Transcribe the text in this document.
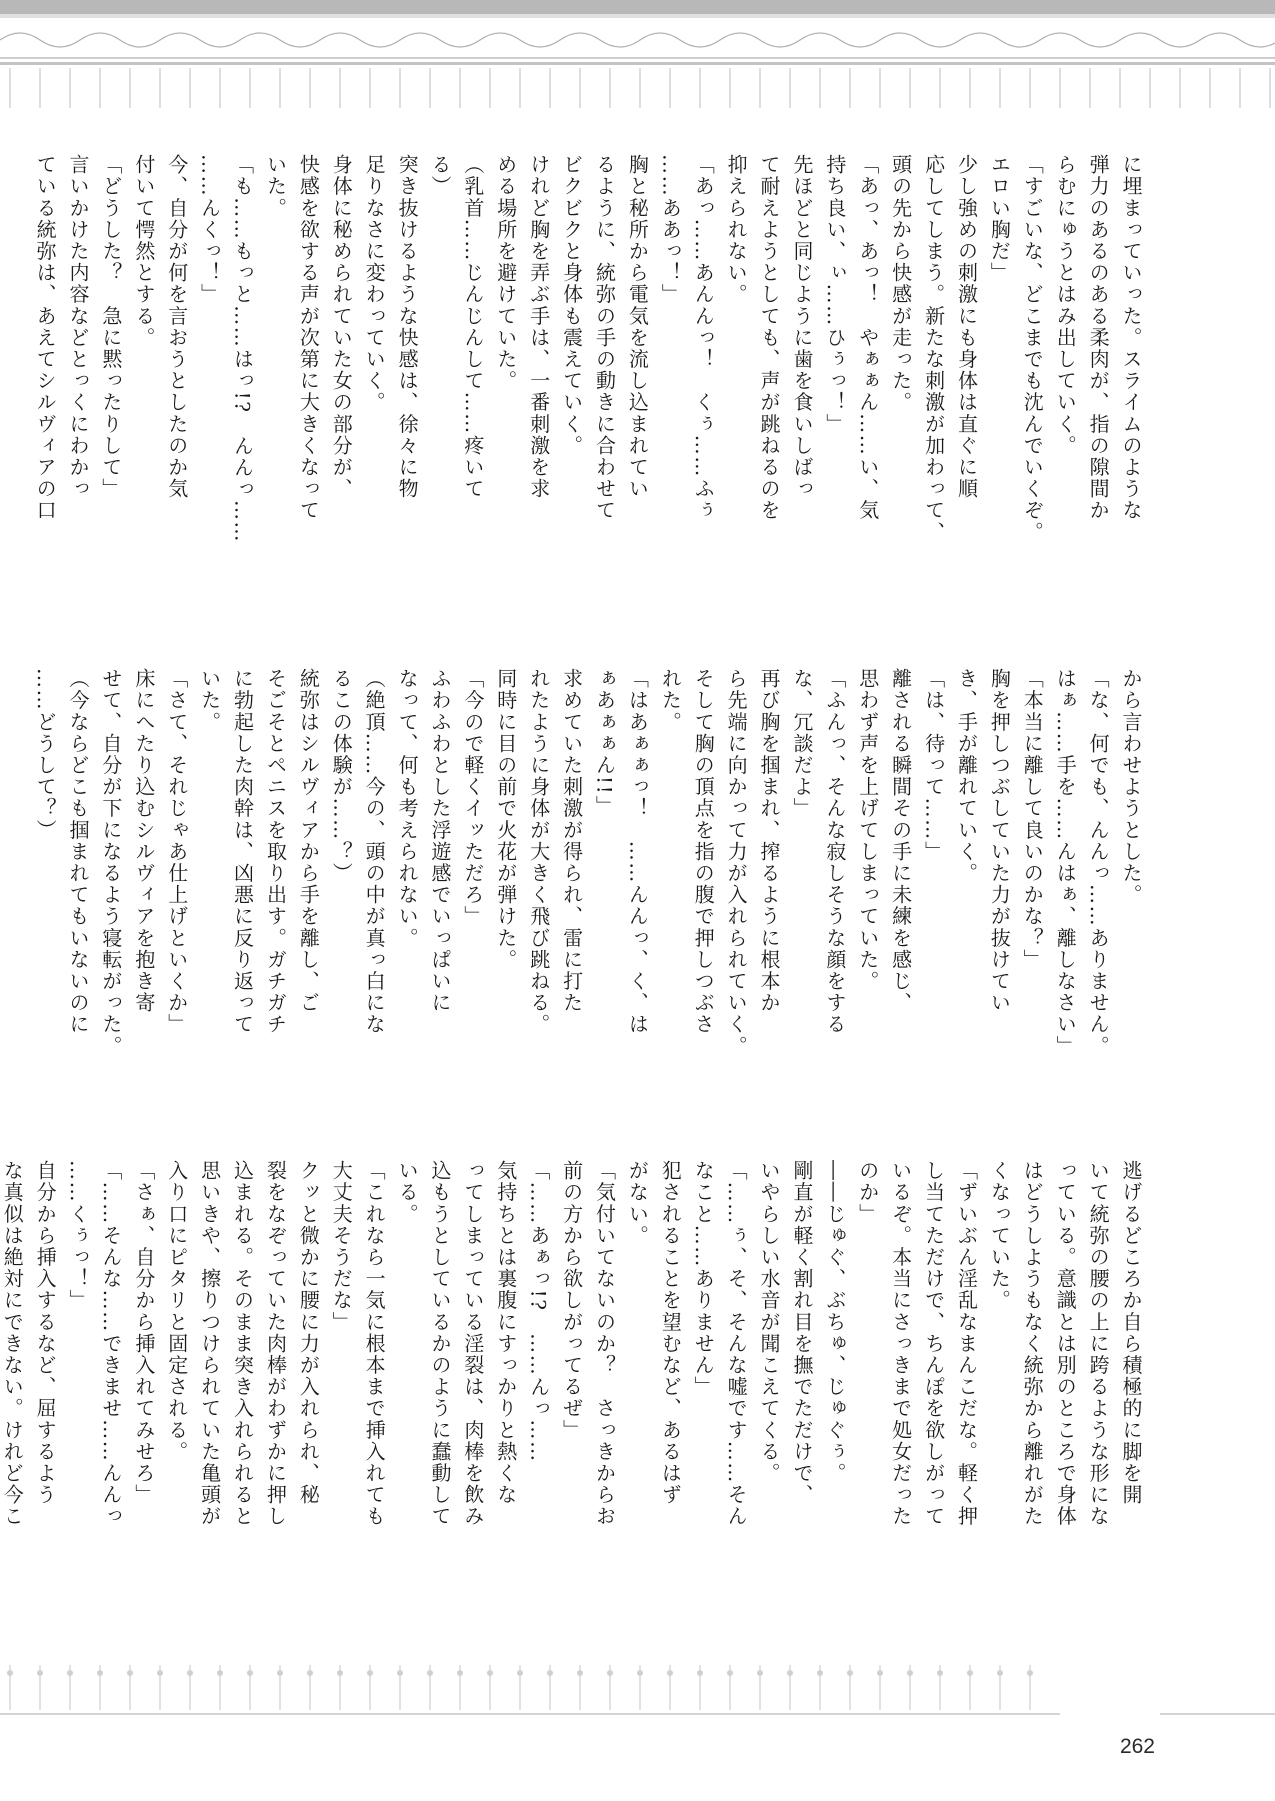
に埋まっていった。スライムのような
弾力のあるのある柔肉が、指の隙間か
らむにゅうとはみ出していく。
「すごいな、どこまでも沈んでいくぞ。
エロい胸だ」
少し強めの刺激にも身体は直ぐに順
応してしまう。新たな刺激が加わって、
頭の先から快感が走った。
「あっ、あっ！　やぁぁん……い、気
持ち良い、ぃ……ひぅっ！」
先ほどと同じように歯を食いしばっ
て耐えようとしても、声が跳ねるのを
抑えられない。
「あっ……あんんっ！　くぅ……ふぅ
……ああっ！」
胸と秘所から電気を流し込まれてい
るように、統弥の手の動きに合わせて
ビクビクと身体も震えていく。
けれど胸を弄ぶ手は、一番刺激を求
める場所を避けていた。
（乳首……じんじんして……疼いて
る）
突き抜けるような快感は、徐々に物
足りなさに変わっていく。
身体に秘められていた女の部分が、
快感を欲する声が次第に大きくなって
いた。
「も……もっと……はっ!?　んんっ……
……んくっ！」
今、自分が何を言おうとしたのか気
付いて愕然とする。
「どうした？　急に黙ったりして」
言いかけた内容などとっくにわかっ
ている統弥は、あえてシルヴィアの口
から言わせようとした。
「な、何でも、んんっ……ありません。
はぁ……手を……んはぁ、離しなさい」
「本当に離して良いのかな？」
胸を押しつぶしていた力が抜けてい
き、手が離れていく。
「は、待って……」
離される瞬間その手に未練を感じ、
思わず声を上げてしまっていた。
「ふんっ、そんな寂しそうな顔をする
な、冗談だよ」
再び胸を掴まれ、搾るように根本か
ら先端に向かって力が入れられていく。
そして胸の頂点を指の腹で押しつぶさ
れた。
「はあぁぁっ！　……んんっ、く、は
ぁあぁぁん!!」
求めていた刺激が得られ、雷に打た
れたように身体が大きく飛び跳ねる。
同時に目の前で火花が弾けた。
「今ので軽くイッただろ」
ふわふわとした浮遊感でいっぱいに
なって、何も考えられない。
（絶頂……今の、頭の中が真っ白にな
るこの体験が……？）
統弥はシルヴィアから手を離し、ご
そごそとペニスを取り出す。ガチガチ
に勃起した肉幹は、凶悪に反り返って
いた。
「さて、それじゃあ仕上げといくか」
床にへたり込むシルヴィアを抱き寄
せて、自分が下になるよう寝転がった。
（今ならどこも掴まれてもいないのに
……どうして？）
逃げるどころか自ら積極的に脚を開
いて統弥の腰の上に跨るような形にな
っている。意識とは別のところで身体
はどうしようもなく統弥から離れがた
くなっていた。
「ずいぶん淫乱なまんこだな。軽く押
し当てただけで、ちんぽを欲しがって
いるぞ。本当にさっきまで処女だった
のか」
――じゅぐ、ぶちゅ、じゅぐぅ。
剛直が軽く割れ目を撫でただけで、
いやらしい水音が聞こえてくる。
「……ぅ、そ、そんな嘘です……そん
なこと……ありません」
犯されることを望むなど、あるはず
がない。
「気付いてないのか？　さっきからお
前の方から欲しがってるぜ」
「……あぁっ!?　……んっ……
気持ちとは裏腹にすっかりと熱くな
ってしまっている淫裂は、肉棒を飲み
込もうとしているかのように蠢動して
いる。
「これなら一気に根本まで挿入れても
大丈夫そうだな」
クッと微かに腰に力が入れられ、秘
裂をなぞっていた肉棒がわずかに押し
込まれる。そのまま突き入れられると
思いきや、擦りつけられていた亀頭が
入り口にピタリと固定される。
「さぁ、自分から挿入れてみせろ」
「……そんな……できませ……んんっ
……くぅっ！」
自分から挿入するなど、屈するよう
な真似は絶対にできない。けれど今こ
262
